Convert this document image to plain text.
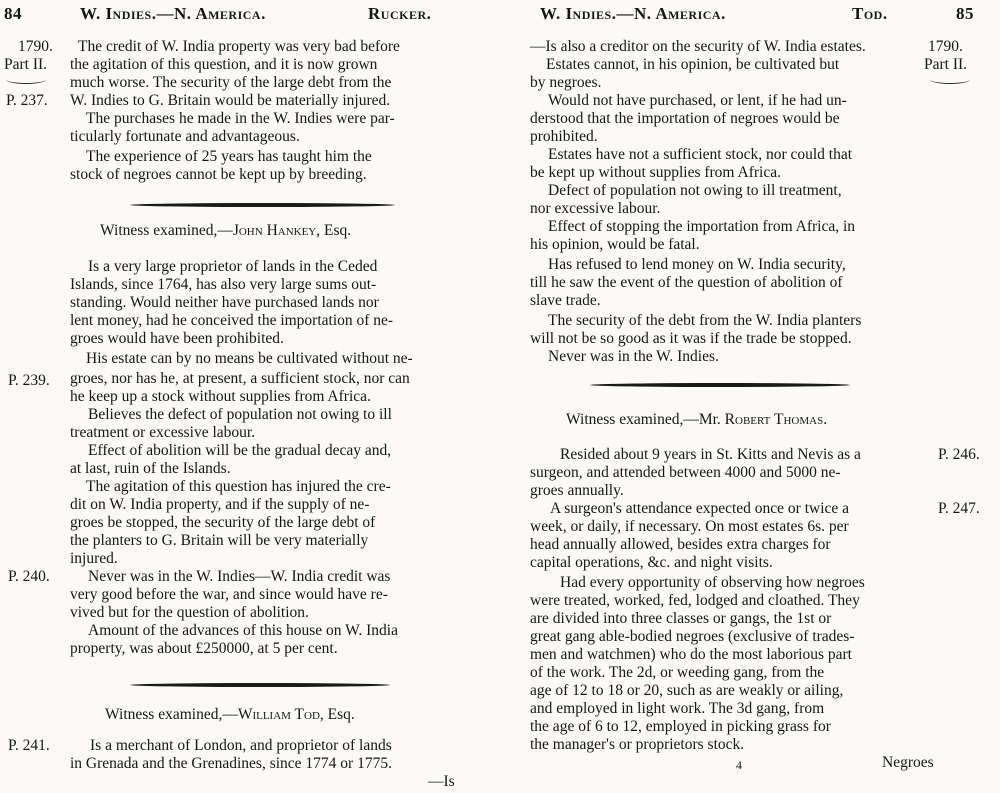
84	W. Indies.—N. America.	Rucker.
1790.
Part II.
P. 237.
P. 239.
P. 240.
P. 241.
The credit of W. India property was very bad before
the agitation of this question, and it is now grown
much worse. The security of the large debt from the
W. Indies to G. Britain would be materially injured.
The purchases he made in the W. Indies were par-
ticularly fortunate and advantageous.
The experience of 25 years has taught him the
stock of negroes cannot be kept up by breeding.
Witness examined,—John Hankey, Esq.
Is a very large proprietor of lands in the Ceded
Islands, since 1764, has also very large sums out-
standing. Would neither have purchased lands nor
lent money, had he conceived the importation of ne-
groes would have been prohibited.
His estate can by no means be cultivated without ne-
groes, nor has he, at present, a sufficient stock, nor can
he keep up a stock without supplies from Africa.
Believes the defect of population not owing to ill
treatment or excessive labour.
Effect of abolition will be the gradual decay and,
at last, ruin of the Islands.
The agitation of this question has injured the cre-
dit on W. India property, and if the supply of ne-
groes be stopped, the security of the large debt of
the planters to G. Britain will be very materially
injured.
Never was in the W. Indies—W. India credit was
very good before the war, and since would have re-
vived but for the question of abolition.
Amount of the advances of this house on W. India
property, was about £250000, at 5 per cent.
Witness examined,—William Tod, Esq.
Is a merchant of London, and proprietor of lands
in Grenada and the Grenadines, since 1774 or 1775.
—Is
W. Indies.—N. America.	Tod.	85
1790.
Part II.
P. 246.
P. 247.
—Is also a creditor on the security of W. India estates.
Estates cannot, in his opinion, be cultivated but
by negroes.
Would not have purchased, or lent, if he had un-
derstood that the importation of negroes would be
prohibited.
Estates have not a sufficient stock, nor could that
be kept up without supplies from Africa.
Defect of population not owing to ill treatment,
nor excessive labour.
Effect of stopping the importation from Africa, in
his opinion, would be fatal.
Has refused to lend money on W. India security,
till he saw the event of the question of abolition of
slave trade.
The security of the debt from the W. India planters
will not be so good as it was if the trade be stopped.
Never was in the W. Indies.
Witness examined,—Mr. Robert Thomas.
Resided about 9 years in St. Kitts and Nevis as a
surgeon, and attended between 4000 and 5000 ne-
groes annually.
A surgeon's attendance expected once or twice a
week, or daily, if necessary. On most estates 6s. per
head annually allowed, besides extra charges for
capital operations, &c. and night visits.
Had every opportunity of observing how negroes
were treated, worked, fed, lodged and cloathed. They
are divided into three classes or gangs, the 1st or
great gang able-bodied negroes (exclusive of trades-
men and watchmen) who do the most laborious part
of the work. The 2d, or weeding gang, from the
age of 12 to 18 or 20, such as are weakly or ailing,
and employed in light work. The 3d gang, from
the age of 6 to 12, employed in picking grass for
the manager's or proprietors stock.
4	Negroes
